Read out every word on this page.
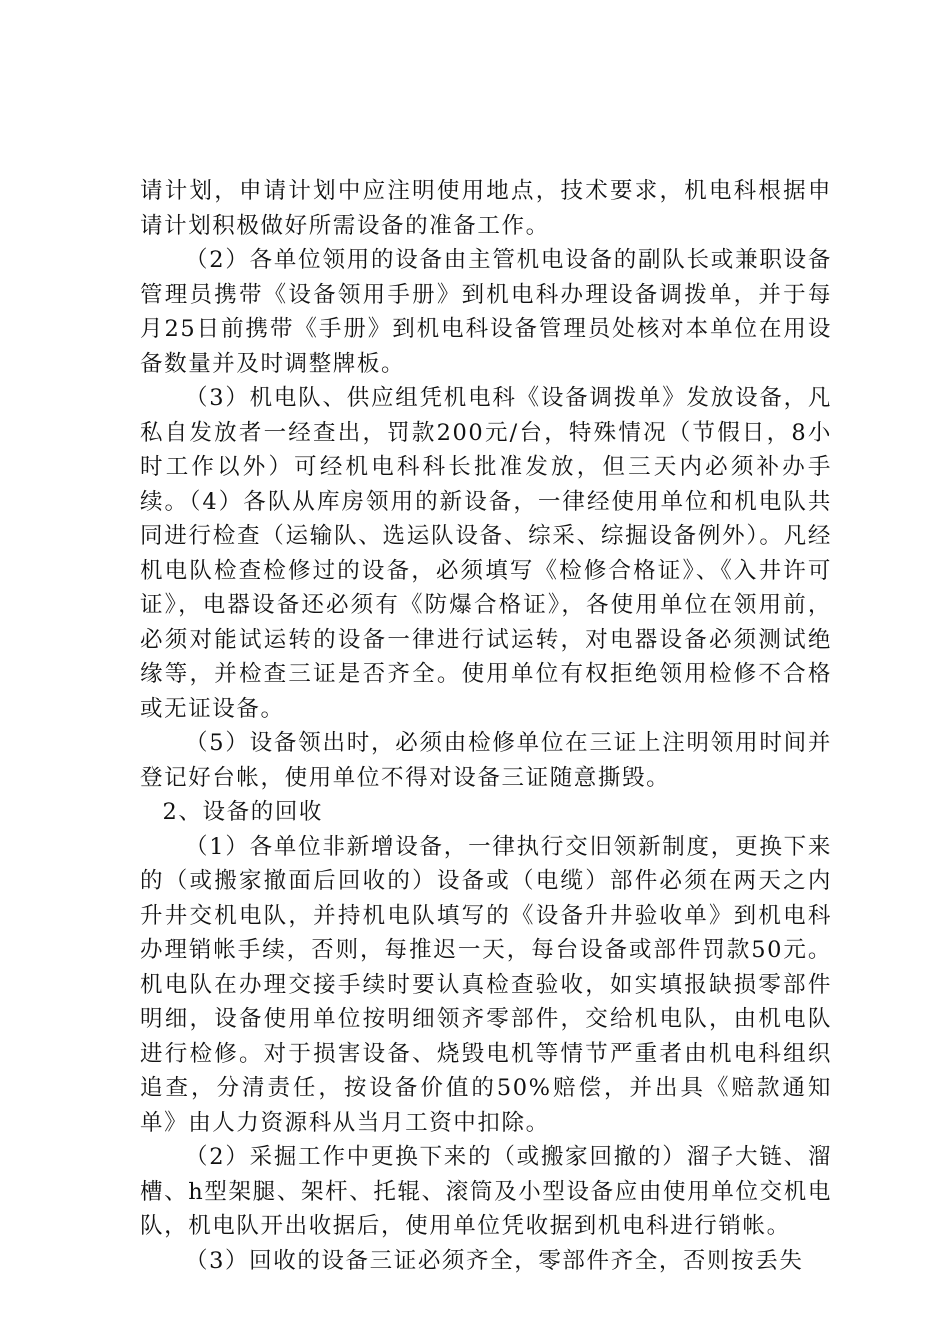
请计划，申请计划中应注明使用地点，技术要求，机电科根据申请计划积极做好所需设备的准备工作。

（2）各单位领用的设备由主管机电设备的副队长或兼职设备管理员携带《设备领用手册》到机电科办理设备调拨单，并于每月25日前携带《手册》到机电科设备管理员处核对本单位在用设备数量并及时调整牌板。

（3）机电队、供应组凭机电科《设备调拨单》发放设备，凡私自发放者一经查出，罚款200元/台，特殊情况（节假日，8小时工作以外）可经机电科科长批准发放，但三天内必须补办手续。（4）各队从库房领用的新设备，一律经使用单位和机电队共同进行检查（运输队、选运队设备、综采、综掘设备例外）。凡经机电队检查检修过的设备，必须填写《检修合格证》、《入井许可证》，电器设备还必须有《防爆合格证》，各使用单位在领用前，必须对能试运转的设备一律进行试运转，对电器设备必须测试绝缘等，并检查三证是否齐全。使用单位有权拒绝领用检修不合格或无证设备。

（5）设备领出时，必须由检修单位在三证上注明领用时间并登记好台帐，使用单位不得对设备三证随意撕毁。

2、设备的回收

（1）各单位非新增设备，一律执行交旧领新制度，更换下来的（或搬家撤面后回收的）设备或（电缆）部件必须在两天之内升井交机电队，并持机电队填写的《设备升井验收单》到机电科办理销帐手续，否则，每推迟一天，每台设备或部件罚款50元。机电队在办理交接手续时要认真检查验收，如实填报缺损零部件明细，设备使用单位按明细领齐零部件，交给机电队，由机电队进行检修。对于损害设备、烧毁电机等情节严重者由机电科组织追查，分清责任，按设备价值的50%赔偿，并出具《赔款通知单》由人力资源科从当月工资中扣除。

（2）采掘工作中更换下来的（或搬家回撤的）溜子大链、溜槽、h型架腿、架杆、托辊、滚筒及小型设备应由使用单位交机电队，机电队开出收据后，使用单位凭收据到机电科进行销帐。

（3）回收的设备三证必须齐全，零部件齐全，否则按丢失
